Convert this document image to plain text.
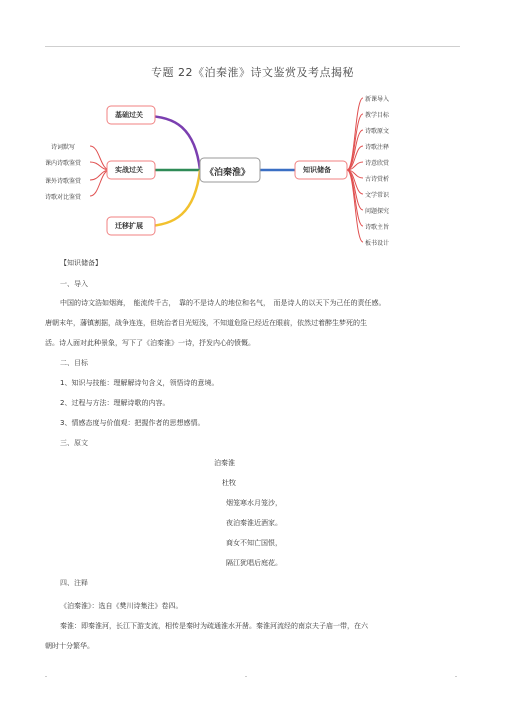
专题 22《泊秦淮》诗文鉴赏及考点揭秘
基础过关
实战过关
迁移扩展
《泊秦淮》	知识储备
诗词默写
课内诗歌鉴赏
课外诗歌鉴赏
诗歌对比鉴赏
新课导入
教学目标
诗歌原文
诗歌注释
诗意欣赏
古诗赏析
文学常识
问题探究
诗歌主旨
板书设计
【知识储备】
一、导入
中国的诗文浩如烟海，　能流传千古，　靠的不是诗人的地位和名气，　而是诗人的以天下为己任的责任感。
唐朝末年，藩镇割据，战争连连，但统治者目光短浅，不知道危险已经近在眼前，依然过着醉生梦死的生
活。诗人面对此种景象，写下了《泊秦淮》一诗，抒发内心的愤慨。
二、目标
1、知识与技能：理解解诗句含义，领悟诗的意境。
2、过程与方法：理解诗歌的内容。
3、情感态度与价值观：把握作者的思想感情。
三、原文
泊秦淮
杜牧
烟笼寒水月笼沙，
夜泊秦淮近酒家。
商女不知亡国恨，
隔江犹唱后庭花。
四、注释
《泊秦淮》：选自《樊川诗集注》卷四。
秦淮：即秦淮河，长江下游支流，相传是秦时为疏通淮水开凿。秦淮河流经的南京夫子庙一带，在六
朝时十分繁华。
